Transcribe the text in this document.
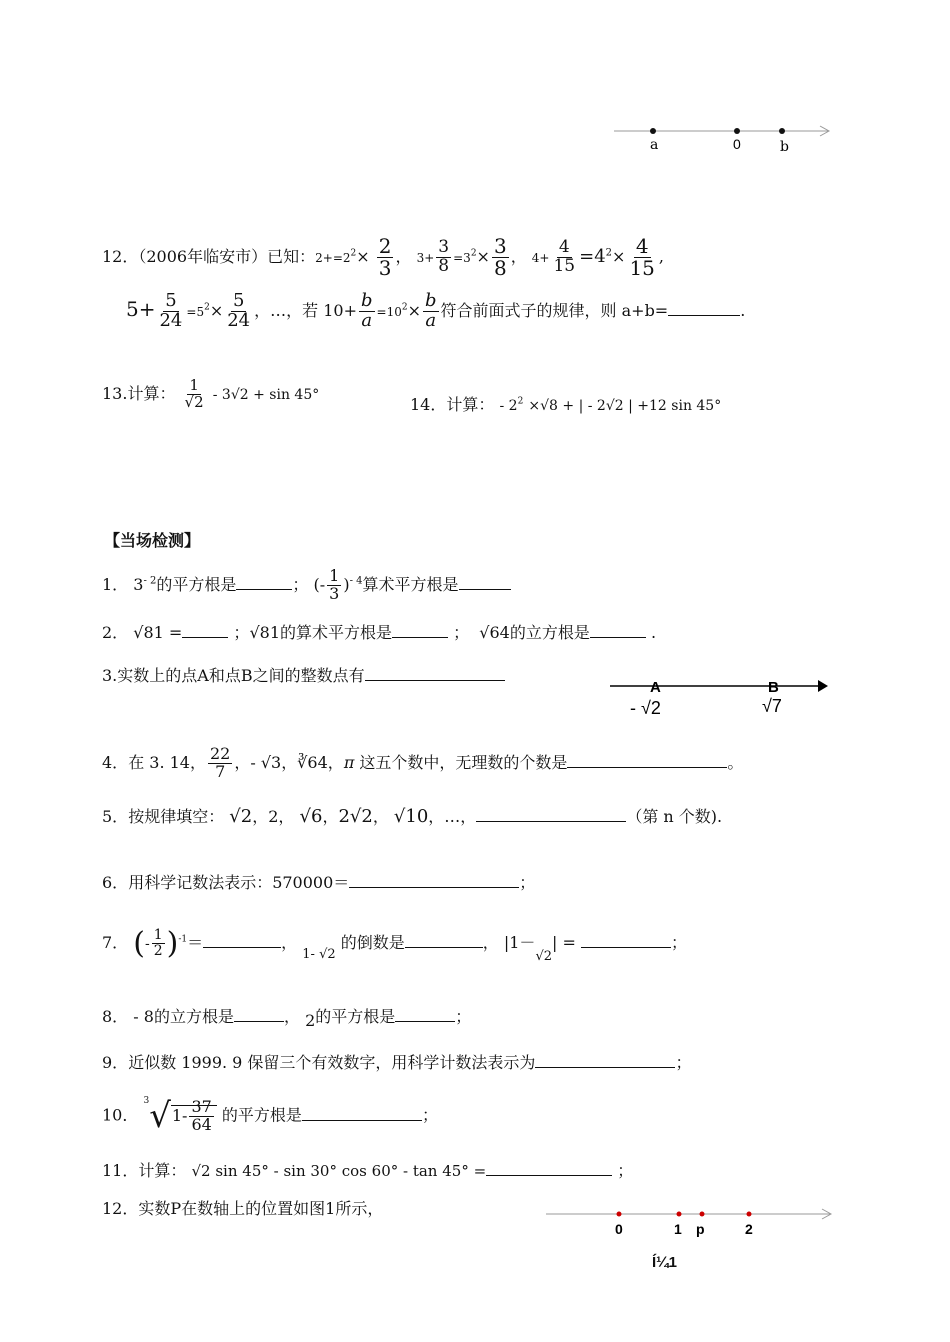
a	0	b
12．（2006年临安市）已知：$2+=2^2\times \frac{2}{3}$ ， $3+ \frac{3}{8} =3^2\times \frac{3}{8}$ ， $4+ \frac{4}{15} =4^2\times \frac{4}{15}$ ,
$5+ \frac{5}{24} =5^2\times \frac{5}{24}$ ，…，若 $10+ \frac{b}{a} =10^2\times \frac{b}{a}$ 符合前面式子的规律，则 a+b=	.
13.计算： $\frac{1}{√2} - 3√2 + \sin 45^\circ$
14．计算： - $2^2 \times√8$ + | - 2√2 | +12 sin 45°
【当场检测】
1． $3^{- 2}$的平方根是	； (- $\frac{1}{3} )^{- 4}$算术平方根是
2． √81 =	；√81的算术平方根是	； √64的立方根是	.
3.实数上的点A和点B之间的整数点有
A	B
- √2	√7
4．在 3. 14， $\frac{22}{7}$ ，- √3，∛64，π 这五个数中，无理数的个数是	。
5．按规律填空： √2，2， √6，2√2， √10，…，	（第 n 个数).
6．用科学记数法表示：570000＝	；
7． (- $\frac{1}{2} )^{-1}=$	， $_{1- √2}$ 的倒数是	， $|1-_{√2}|$ =	；
8． - 8的立方根是	， 2的平方根是	；
9．近似数 1999. 9 保留三个有效数字，用科学计数法表示为	；
10． $^3√1- \frac{37}{64}$ 的平方根是	；
11．计算： √2 sin 45° - sin 30° cos 60° - tan 45° =	；
12．实数P在数轴上的位置如图1所示，
0	1 p	2
Í¼1
